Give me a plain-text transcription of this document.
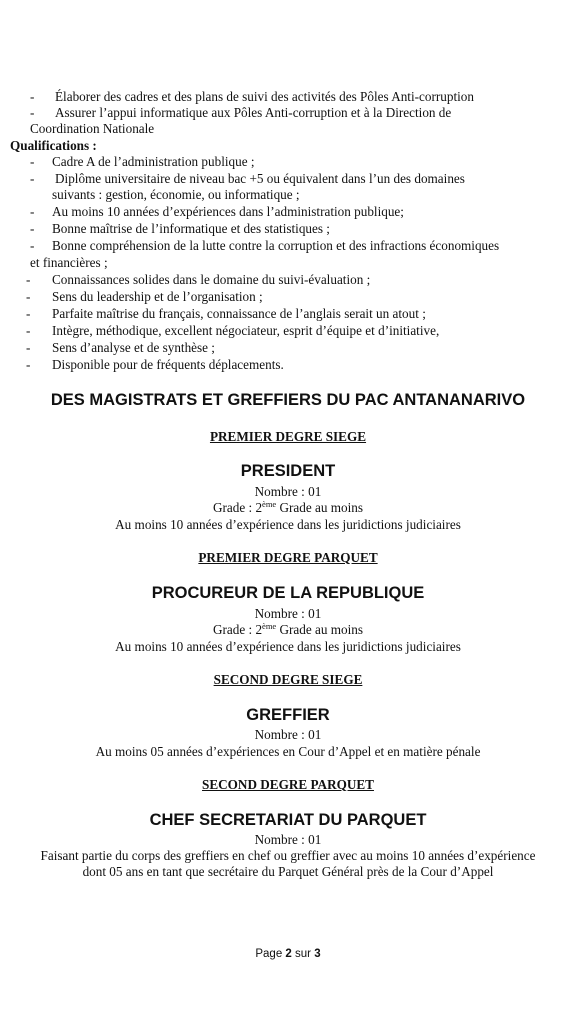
- Élaborer des cadres et des plans de suivi des activités des Pôles Anti-corruption
- Assurer l’appui informatique aux Pôles Anti-corruption et à la Direction de
Coordination Nationale
Qualifications :
- Cadre A de l’administration publique ;
- Diplôme universitaire de niveau bac +5 ou équivalent dans l’un des domaines
suivants : gestion, économie, ou informatique ;
- Au moins 10 années d’expériences dans l’administration publique;
- Bonne maîtrise de l’informatique et des statistiques ;
- Bonne compréhension de la lutte contre la corruption et des infractions économiques
et financières ;
- Connaissances solides dans le domaine du suivi-évaluation ;
- Sens du leadership et de l’organisation ;
- Parfaite maîtrise du français, connaissance de l’anglais serait un atout ;
- Intègre, méthodique, excellent négociateur, esprit d’équipe et d’initiative,
- Sens d’analyse et de synthèse ;
- Disponible pour de fréquents déplacements.
DES MAGISTRATS ET GREFFIERS DU PAC ANTANANARIVO
PREMIER DEGRE SIEGE
PRESIDENT
Nombre : 01
Grade : 2ème Grade au moins
Au moins 10 années d’expérience dans les juridictions judiciaires
PREMIER DEGRE PARQUET
PROCUREUR DE LA REPUBLIQUE
Nombre : 01
Grade : 2ème Grade au moins
Au moins 10 années d’expérience dans les juridictions judiciaires
SECOND DEGRE SIEGE
GREFFIER
Nombre : 01
Au moins 05 années d’expériences en Cour d’Appel et en matière pénale
SECOND DEGRE PARQUET
CHEF SECRETARIAT DU PARQUET
Nombre : 01
Faisant partie du corps des greffiers en chef ou greffier avec au moins 10 années d’expérience
dont 05 ans en tant que secrétaire du Parquet Général près de la Cour d’Appel
Page 2 sur 3
